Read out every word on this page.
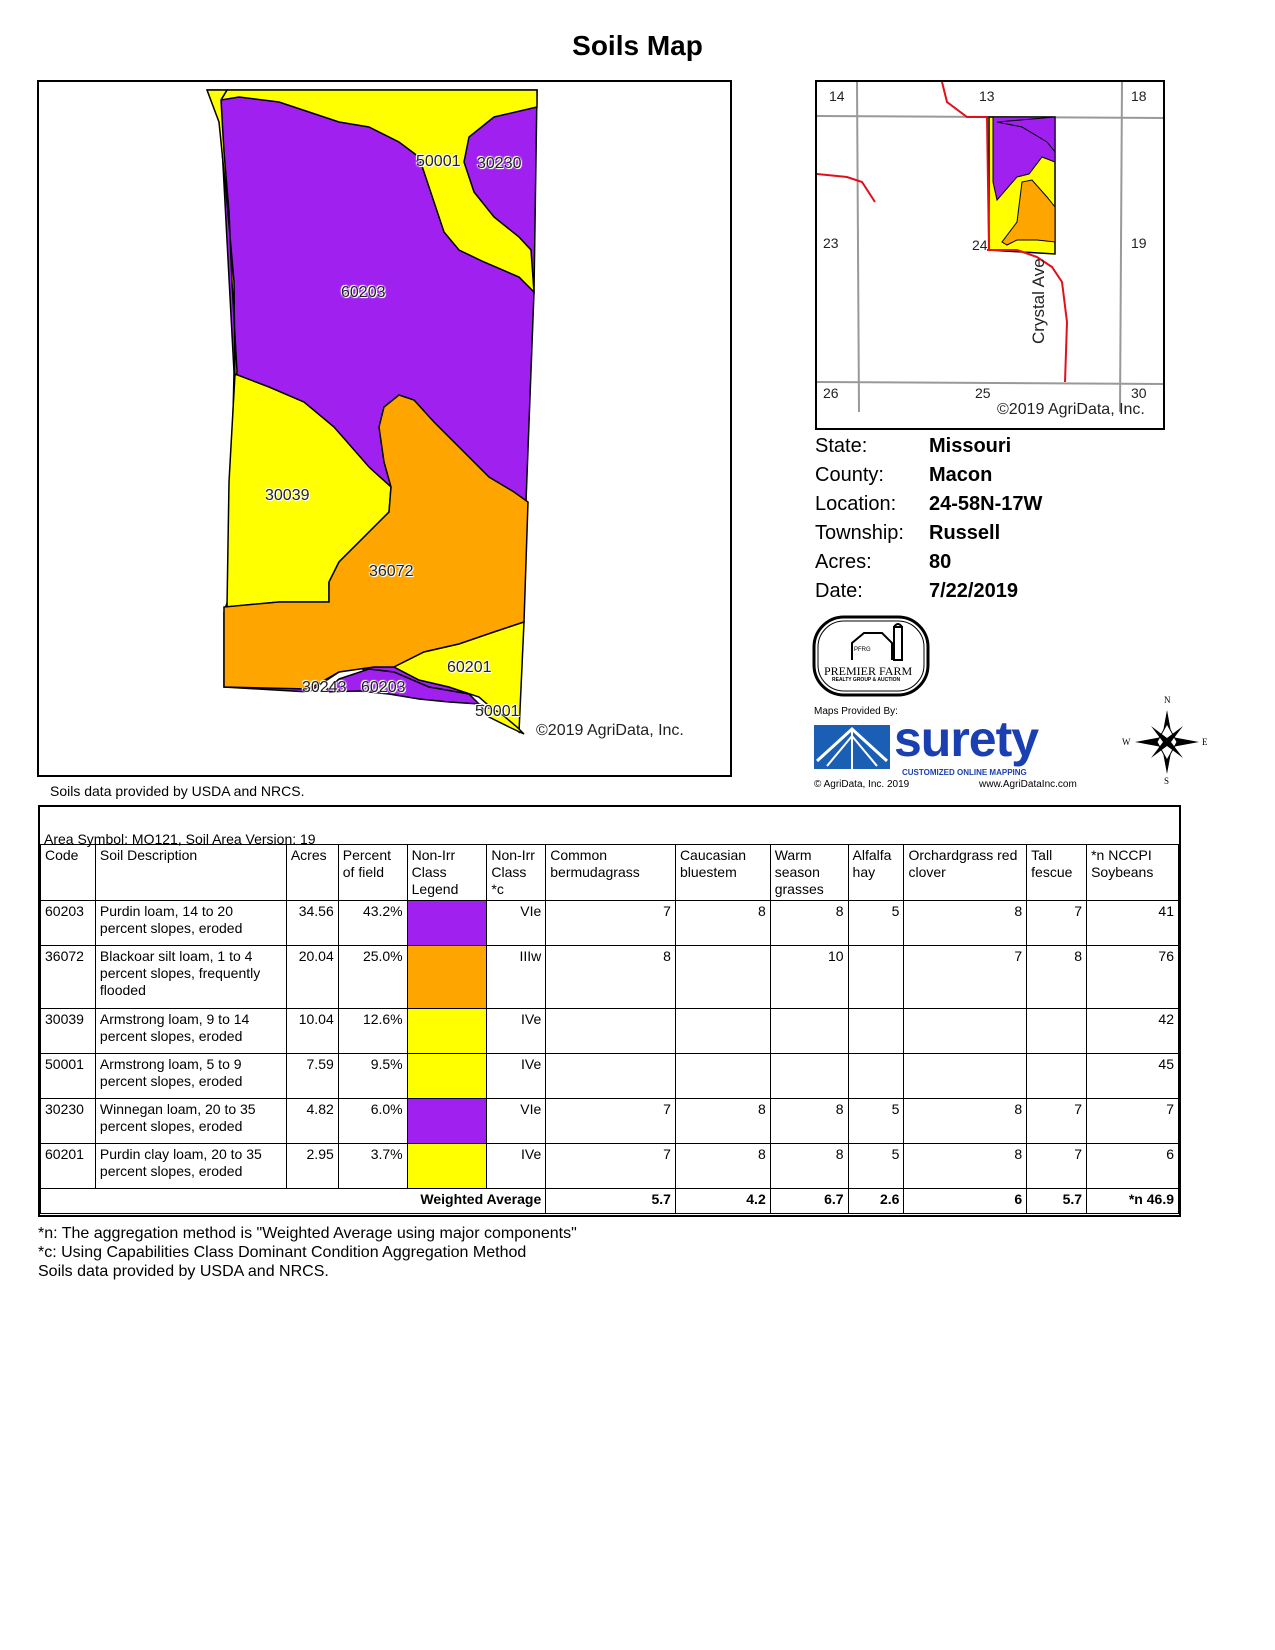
Soils Map
50001 30230
60203
30039
36072
60201
30243 60203
50001
©2019 AgriData, Inc.
Soils data provided by USDA and NRCS.
14	13	18
23	24	19
26	25	30
Crystal Ave
©2019 AgriData, Inc.
State:	Missouri
County:	Macon
Location:	24-58N-17W
Township:	Russell
Acres:	80
Date:	7/22/2019
PFRG
PREMIER FARM
REALTY GROUP & AUCTION
Maps Provided By:
surety
CUSTOMIZED ONLINE MAPPING
© AgriData, Inc. 2019	www.AgriDataInc.com
N
S
E
W
Area Symbol: MO121, Soil Area Version: 19
Code	Soil Description	Acres	Percent of field	Non-Irr Class Legend	Non-Irr Class *c	Common bermudagrass	Caucasian bluestem	Warm season grasses	Alfalfa hay	Orchardgrass red clover	Tall fescue	*n NCCPI Soybeans
60203	Purdin loam, 14 to 20 percent slopes, eroded	34.56	43.2%		VIe	7	8	8	5	8	7	41
36072	Blackoar silt loam, 1 to 4 percent slopes, frequently flooded	20.04	25.0%		IIIw	8		10		7	8	76
30039	Armstrong loam, 9 to 14 percent slopes, eroded	10.04	12.6%		IVe							42
50001	Armstrong loam, 5 to 9 percent slopes, eroded	7.59	9.5%		IVe							45
30230	Winnegan loam, 20 to 35 percent slopes, eroded	4.82	6.0%		VIe	7	8	8	5	8	7	7
60201	Purdin clay loam, 20 to 35 percent slopes, eroded	2.95	3.7%		IVe	7	8	8	5	8	7	6
Weighted Average						5.7	4.2	6.7	2.6	6	5.7	*n 46.9
*n: The aggregation method is "Weighted Average using major components"
*c: Using Capabilities Class Dominant Condition Aggregation Method
Soils data provided by USDA and NRCS.
